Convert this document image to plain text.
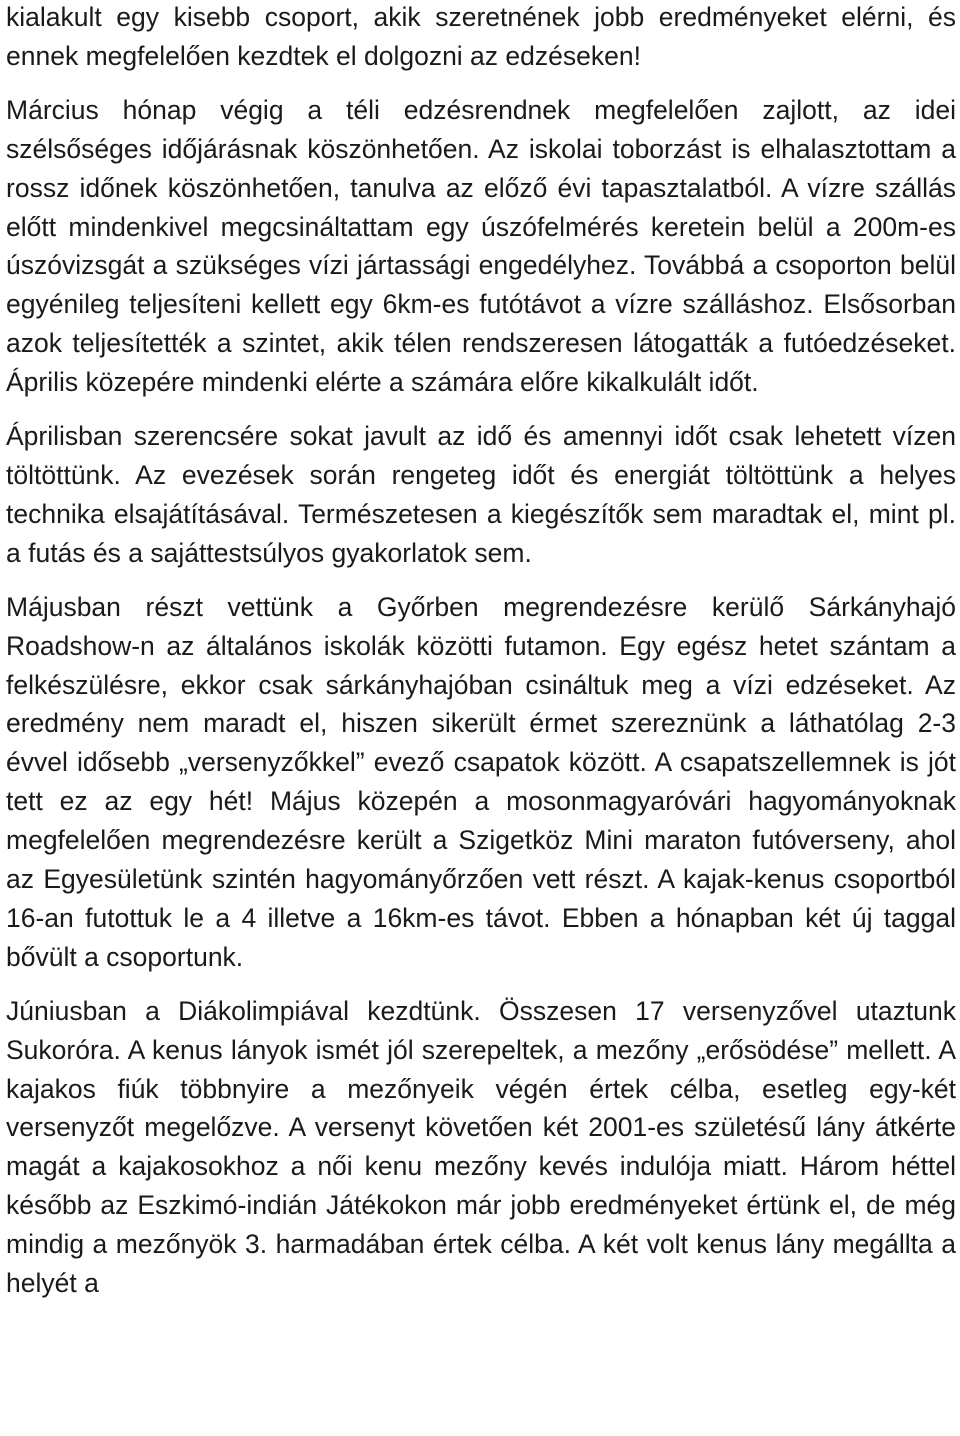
kialakult egy kisebb csoport, akik szeretnének jobb eredményeket elérni, és ennek megfelelően kezdtek el dolgozni az edzéseken!

Március hónap végig a téli edzésrendnek megfelelően zajlott, az idei szélsőséges időjárásnak köszönhetően. Az iskolai toborzást is elhalasztottam a rossz időnek köszönhetően, tanulva az előző évi tapasztalatból. A vízre szállás előtt mindenkivel megcsináltattam egy úszófelmérés keretein belül a 200m-es úszóvizsgát a szükséges vízi jártassági engedélyhez. Továbbá a csoporton belül egyénileg teljesíteni kellett egy 6km-es futótávot a vízre szálláshoz. Elsősorban azok teljesítették a szintet, akik télen rendszeresen látogatták a futóedzéseket. Április közepére mindenki elérte a számára előre kikalkulált időt.

Áprilisban szerencsére sokat javult az idő és amennyi időt csak lehetett vízen töltöttünk. Az evezések során rengeteg időt és energiát töltöttünk a helyes technika elsajátításával. Természetesen a kiegészítők sem maradtak el, mint pl. a futás és a sajáttestsúlyos gyakorlatok sem.

Májusban részt vettünk a Győrben megrendezésre kerülő Sárkányhajó Roadshow-n az általános iskolák közötti futamon. Egy egész hetet szántam a felkészülésre, ekkor csak sárkányhajóban csináltuk meg a vízi edzéseket. Az eredmény nem maradt el, hiszen sikerült érmet szereznünk a láthatólag 2-3 évvel idősebb „versenyzőkkel” evező csapatok között. A csapatszellemnek is jót tett ez az egy hét! Május közepén a mosonmagyaróvári hagyományoknak megfelelően megrendezésre került a Szigetköz Mini maraton futóverseny, ahol az Egyesületünk szintén hagyományőrzően vett részt. A kajak-kenus csoportból 16-an futottuk le a 4 illetve a 16km-es távot. Ebben a hónapban két új taggal bővült a csoportunk.

Júniusban a Diákolimpiával kezdtünk. Összesen 17 versenyzővel utaztunk Sukoróra. A kenus lányok ismét jól szerepeltek, a mezőny „erősödése” mellett. A kajakos fiúk többnyire a mezőnyeik végén értek célba, esetleg egy-két versenyzőt megelőzve. A versenyt követően két 2001-es születésű lány átkérte magát a kajakosokhoz a női kenu mezőny kevés indulója miatt. Három héttel később az Eszkimó-indián Játékokon már jobb eredményeket értünk el, de még mindig a mezőnyök 3. harmadában értek célba. A két volt kenus lány megállta a helyét a
